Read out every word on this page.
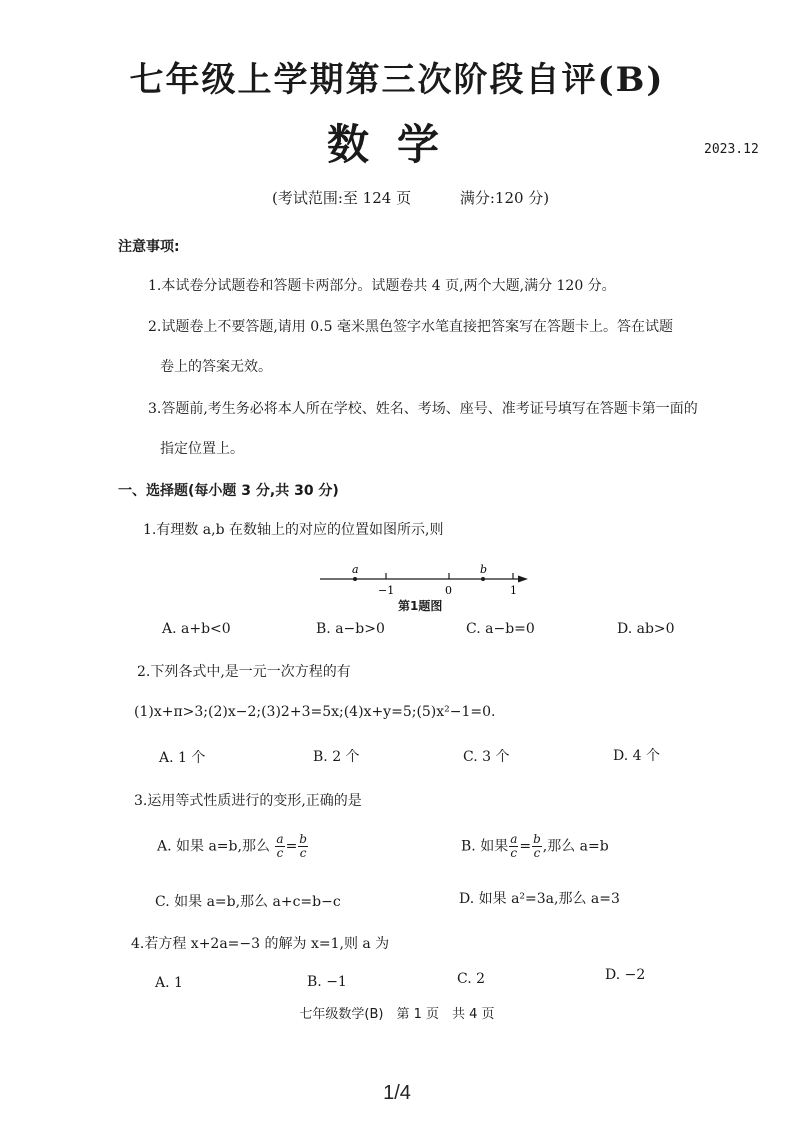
七年级上学期第三次阶段自评(B)
数学	2023.12
(考试范围:至 124 页	满分:120 分)
注意事项:
1.本试卷分试题卷和答题卡两部分。试题卷共 4 页,两个大题,满分 120 分。
2.试题卷上不要答题,请用 0.5 毫米黑色签字水笔直接把答案写在答题卡上。答在试题
卷上的答案无效。
3.答题前,考生务必将本人所在学校、姓名、考场、座号、准考证号填写在答题卡第一面的
指定位置上。
一、选择题(每小题 3 分,共 30 分)
1.有理数 a,b 在数轴上的对应的位置如图所示,则
a	b
−1	0	1
第1题图
A. a+b<0	B. a−b>0	C. a−b=0	D. ab>0
2.下列各式中,是一元一次方程的有
(1)x+π>3;(2)x−2;(3)2+3=5x;(4)x+y=5;(5)x²−1=0.
A. 1 个	B. 2 个	C. 3 个	D. 4 个
3.运用等式性质进行的变形,正确的是
A. 如果 a=b,那么 $\frac{a}{c} = \frac{b}{c}$	B. 如果 $\frac{a}{c} = \frac{b}{c}$ ,那么 a=b
C. 如果 a=b,那么 a+c=b−c	D. 如果 a²=3a,那么 a=3
4.若方程 x+2a=−3 的解为 x=1,则 a 为
A. 1	B. −1	C. 2	D. −2
七年级数学(B)　第 1 页　共 4 页
1/4
